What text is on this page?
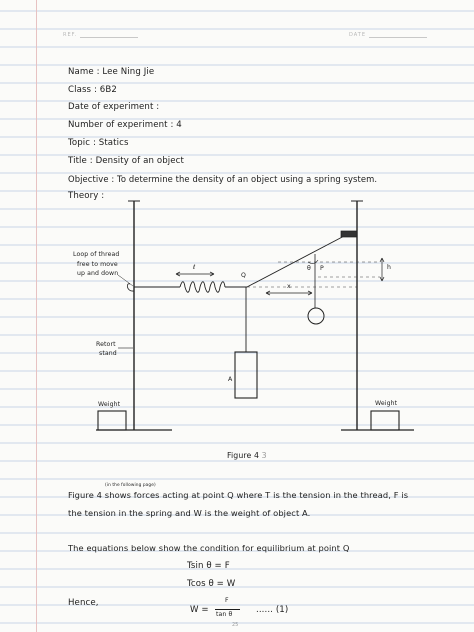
REF.	DATE
Name : Lee Ning Jie
Class : 6B2
Date of experiment :
Number of experiment : 4
Topic : Statics
Title : Density of an object
Objective : To determine the density of an object using a spring system.
Theory :
Loop of thread
free to move
up and down
ℓ
Q
θ P	h
x
Retort
stand
A
Weight	Weight
Figure 4 3
(in the following page)
Figure 4 shows forces acting at point Q where T is the tension in the thread, F is
the tension in the spring and W is the weight of object A.
The equations below show the condition for equilibrium at point Q
Tsin θ = F
Tcos θ = W
Hence,
W =
F
tan θ	...... (1)
25
